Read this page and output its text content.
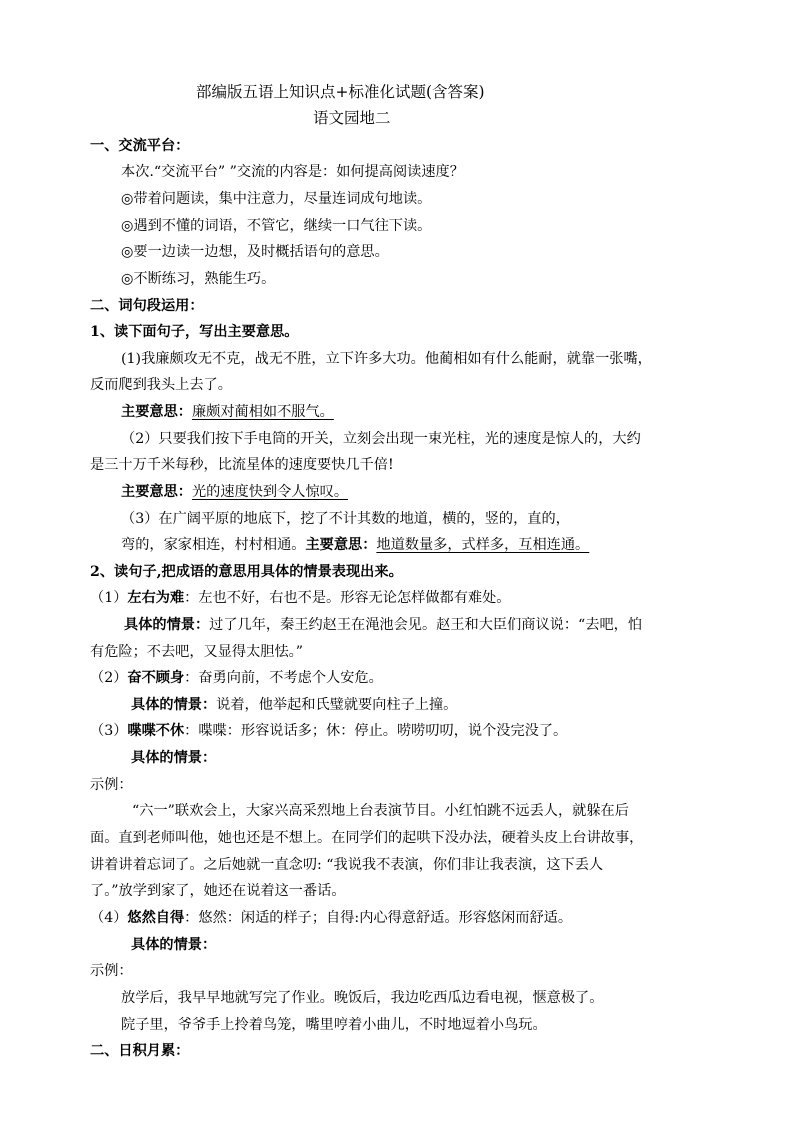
部编版五语上知识点+标准化试题(含答案)
语文园地二
一、交流平台：
本次.“交流平台” ”交流的内容是：如何提高阅读速度？
◎带着问题读，集中注意力，尽量连词成句地读。
◎遇到不懂的词语，不管它，继续一口气往下读。
◎要一边读一边想，及时概括语句的意思。
◎不断练习，熟能生巧。
二、词句段运用：
1、读下面句子，写出主要意思。
(1)我廉颇攻无不克，战无不胜，立下许多大功。他蔺相如有什么能耐，就靠一张嘴，
反而爬到我头上去了。
主要意思：廉颇对蔺相如不服气。
（2）只要我们按下手电筒的开关，立刻会出现一束光柱，光的速度是惊人的，大约
是三十万千米每秒，比流星体的速度要快几千倍!
主要意思：光的速度快到令人惊叹。
（3）在广阔平原的地底下，挖了不计其数的地道，横的，竖的，直的，
弯的，家家相连，村村相通。主要意思：地道数量多，式样多，互相连通。
2、读句子,把成语的意思用具体的情景表现出来。
（1）左右为难：左也不好，右也不是。形容无论怎样做都有难处。
具体的情景：过了几年，秦王约赵王在渑池会见。赵王和大臣们商议说：“去吧，怕
有危险；不去吧，又显得太胆怯。”
（2）奋不顾身：奋勇向前，不考虑个人安危。
具体的情景：说着，他举起和氏璧就要向柱子上撞。
（3）喋喋不休：喋喋：形容说话多；休：停止。唠唠叨叨，说个没完没了。
具体的情景：
示例：
“六一”联欢会上，大家兴高采烈地上台表演节目。小红怕跳不远丢人，就躲在后
面。直到老师叫他，她也还是不想上。在同学们的起哄下没办法，硬着头皮上台讲故事，
讲着讲着忘词了。之后她就一直念叨: “我说我不表演，你们非让我表演，这下丢人
了。”放学到家了，她还在说着这一番话。
（4）悠然自得：悠然：闲适的样子；自得:内心得意舒适。形容悠闲而舒适。
具体的情景：
示例：
放学后，我早早地就写完了作业。晚饭后，我边吃西瓜边看电视，惬意极了。
院子里，爷爷手上拎着鸟笼，嘴里哼着小曲儿，不时地逗着小鸟玩。
二、日积月累：
